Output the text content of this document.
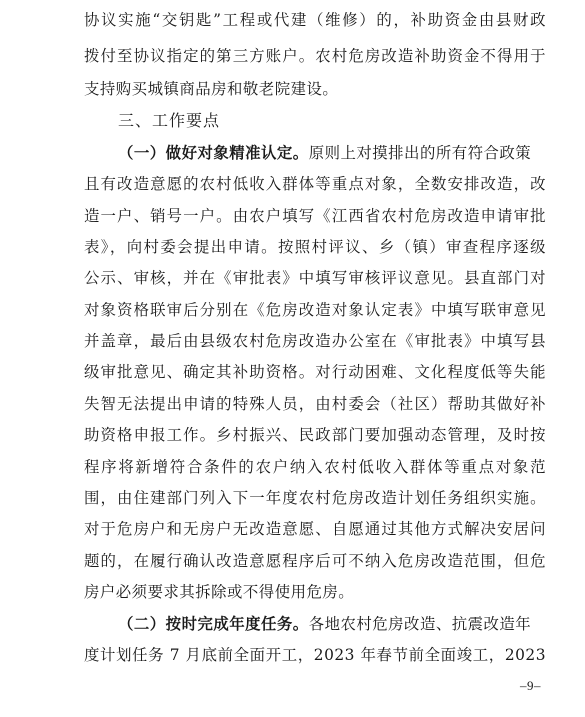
协议实施“交钥匙”工程或代建（维修）的，补助资金由县财政
拨付至协议指定的第三方账户。农村危房改造补助资金不得用于
支持购买城镇商品房和敬老院建设。
三、工作要点
（一）做好对象精准认定。原则上对摸排出的所有符合政策
且有改造意愿的农村低收入群体等重点对象，全数安排改造，改
造一户、销号一户。由农户填写《江西省农村危房改造申请审批
表》，向村委会提出申请。按照村评议、乡（镇）审查程序逐级
公示、审核，并在《审批表》中填写审核评议意见。县直部门对
对象资格联审后分别在《危房改造对象认定表》中填写联审意见
并盖章，最后由县级农村危房改造办公室在《审批表》中填写县
级审批意见、确定其补助资格。对行动困难、文化程度低等失能
失智无法提出申请的特殊人员，由村委会（社区）帮助其做好补
助资格申报工作。乡村振兴、民政部门要加强动态管理，及时按
程序将新增符合条件的农户纳入农村低收入群体等重点对象范
围，由住建部门列入下一年度农村危房改造计划任务组织实施。
对于危房户和无房户无改造意愿、自愿通过其他方式解决安居问
题的，在履行确认改造意愿程序后可不纳入危房改造范围，但危
房户必须要求其拆除或不得使用危房。
（二）按时完成年度任务。各地农村危房改造、抗震改造年
度计划任务 7 月底前全面开工，2023 年春节前全面竣工，2023
–9–
